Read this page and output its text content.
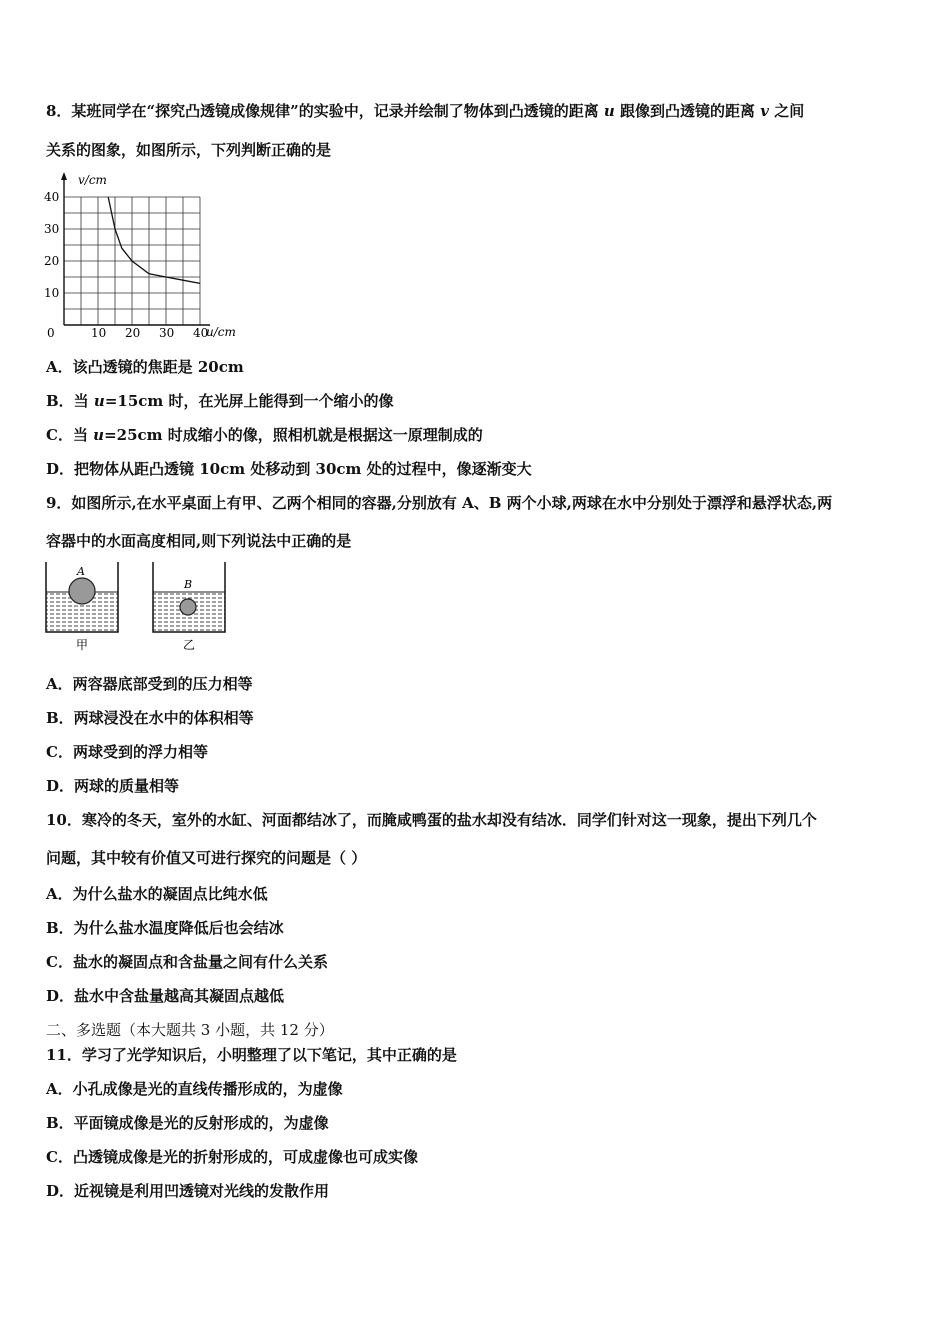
8．某班同学在“探究凸透镜成像规律”的实验中，记录并绘制了物体到凸透镜的距离 u 跟像到凸透镜的距离 v 之间
关系的图象，如图所示，下列判断正确的是
0	10 20 30 40
10
20
30
40
v/cm
u/cm
A．该凸透镜的焦距是 20cm
B．当 u=15cm 时，在光屏上能得到一个缩小的像
C．当 u=25cm 时成缩小的像，照相机就是根据这一原理制成的
D．把物体从距凸透镜 10cm 处移动到 30cm 处的过程中，像逐渐变大
9．如图所示,在水平桌面上有甲、乙两个相同的容器,分别放有 A、B 两个小球,两球在水中分别处于漂浮和悬浮状态,两
容器中的水面高度相同,则下列说法中正确的是
A
甲
B
乙
A．两容器底部受到的压力相等
B．两球浸没在水中的体积相等
C．两球受到的浮力相等
D．两球的质量相等
10．寒冷的冬天，室外的水缸、河面都结冰了，而腌咸鸭蛋的盐水却没有结冰．同学们针对这一现象，提出下列几个
问题，其中较有价值又可进行探究的问题是（ ）
A．为什么盐水的凝固点比纯水低
B．为什么盐水温度降低后也会结冰
C．盐水的凝固点和含盐量之间有什么关系
D．盐水中含盐量越高其凝固点越低
二、多选题（本大题共 3 小题，共 12 分）
11．学习了光学知识后，小明整理了以下笔记，其中正确的是
A．小孔成像是光的直线传播形成的，为虚像
B．平面镜成像是光的反射形成的，为虚像
C．凸透镜成像是光的折射形成的，可成虚像也可成实像
D．近视镜是利用凹透镜对光线的发散作用
